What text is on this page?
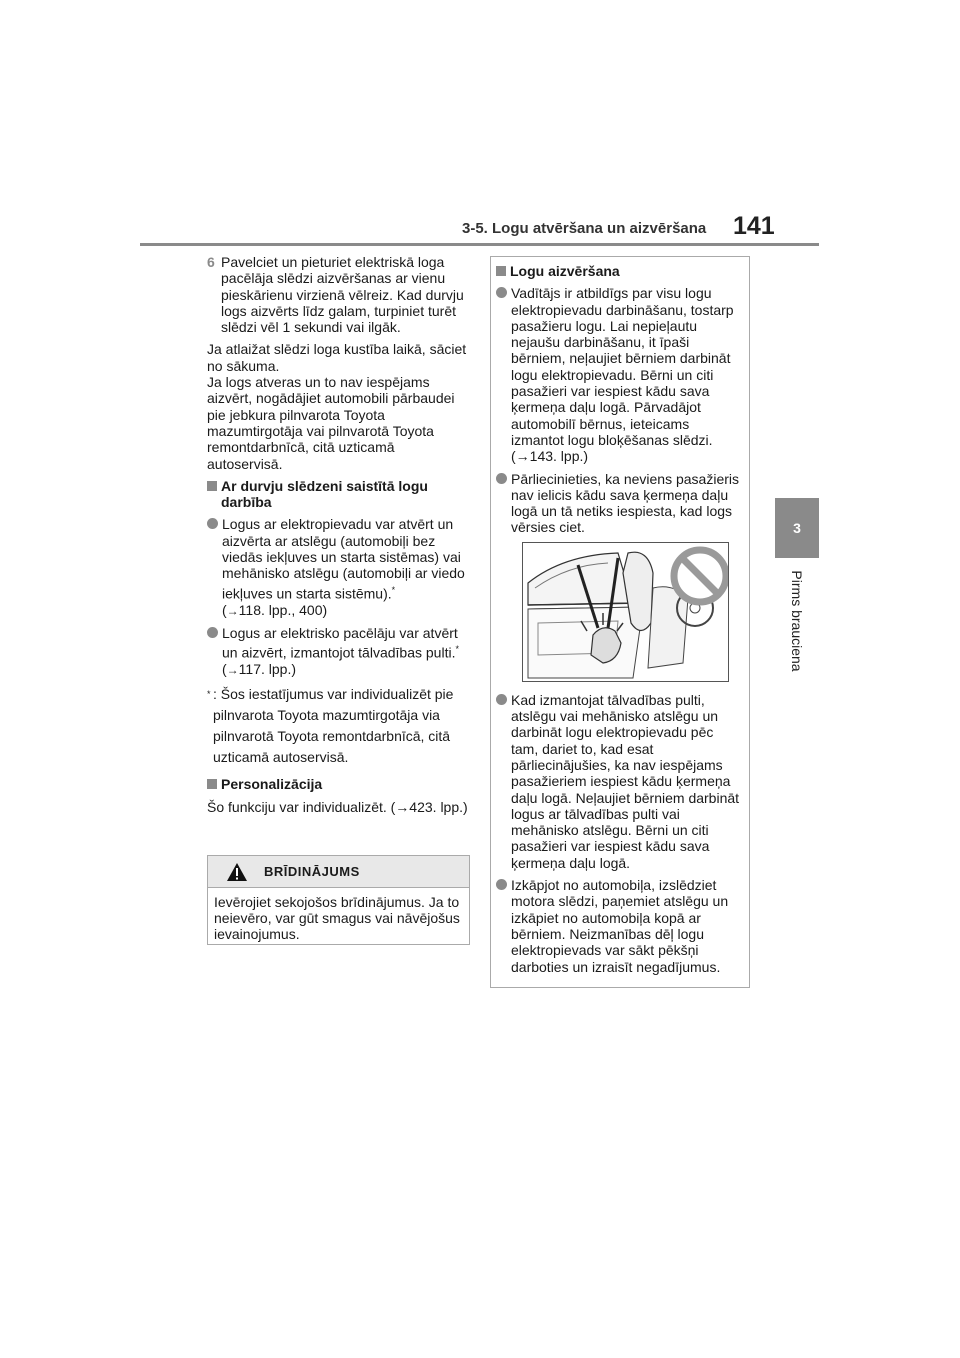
3-5. Logu atvēršana un aizvēršana 141
3
Pirms brauciena
6 Pavelciet un pieturiet elektriskā loga pacēlāja slēdzi aizvēršanas ar vienu pieskārienu virzienā vēlreiz. Kad durvju logs aizvērts līdz galam, turpiniet turēt slēdzi vēl 1 sekundi vai ilgāk.

Ja atlaižat slēdzi loga kustība laikā, sāciet no sākuma.

Ja logs atveras un to nav iespējams aizvērt, nogādājiet automobili pārbaudei pie jebkura pilnvarota Toyota mazumtirgotāja vai pilnvarotā Toyota remontdarbnīcā, citā uzticamā autoservisā.

Ar durvju slēdzeni saistītā logu darbība
Logus ar elektropievadu var atvērt un aizvērta ar atslēgu (automobiļi bez viedās iekļuves un starta sistēmas) vai mehānisko atslēgu (automobiļi ar viedo iekļuves un starta sistēmu).*
(→118. lpp., 400)
Logus ar elektrisko pacēlāju var atvērt un aizvērt, izmantojot tālvadības pulti.*
(→117. lpp.)
* : Šos iestatījumus var individualizēt pie pilnvarota Toyota mazumtirgotāja via pilnvarotā Toyota remontdarbnīcā, citā uzticamā autoservisā.
Personalizācija

Šo funkciju var individualizēt. (→423. lpp.)

BRĪDINĀJUMS
Ievērojiet sekojošos brīdinājumus. Ja to neievēro, var gūt smagus vai nāvējošus ievainojumus.
Logu aizvēršana
Vadītājs ir atbildīgs par visu logu elektropievadu darbināšanu, tostarp pasažieru logu. Lai nepieļautu nejaušu darbināšanu, it īpaši bērniem, neļaujiet bērniem darbināt logu elektropievadu. Bērni un citi pasažieri var iespiest kādu sava ķermeņa daļu logā. Pārvadājot automobilī bērnus, ieteicams izmantot logu bloķēšanas slēdzi. (→143. lpp.)
Pārliecinieties, ka neviens pasažieris nav ielicis kādu sava ķermeņa daļu logā un tā netiks iespiesta, kad logs vērsies ciet.
Kad izmantojat tālvadības pulti, atslēgu vai mehānisko atslēgu un darbināt logu elektropievadu pēc tam, dariet to, kad esat pārliecinājušies, ka nav iespējams pasažieriem iespiest kādu ķermeņa daļu logā. Neļaujiet bērniem darbināt logus ar tālvadības pulti vai mehānisko atslēgu. Bērni un citi pasažieri var iespiest kādu sava ķermeņa daļu logā.
Izkāpjot no automobiļa, izslēdziet motora slēdzi, paņemiet atslēgu un izkāpiet no automobiļa kopā ar bērniem. Neizmanības dēļ logu elektropievads var sākt pēkšņi darboties un izraisīt negadījumus.
